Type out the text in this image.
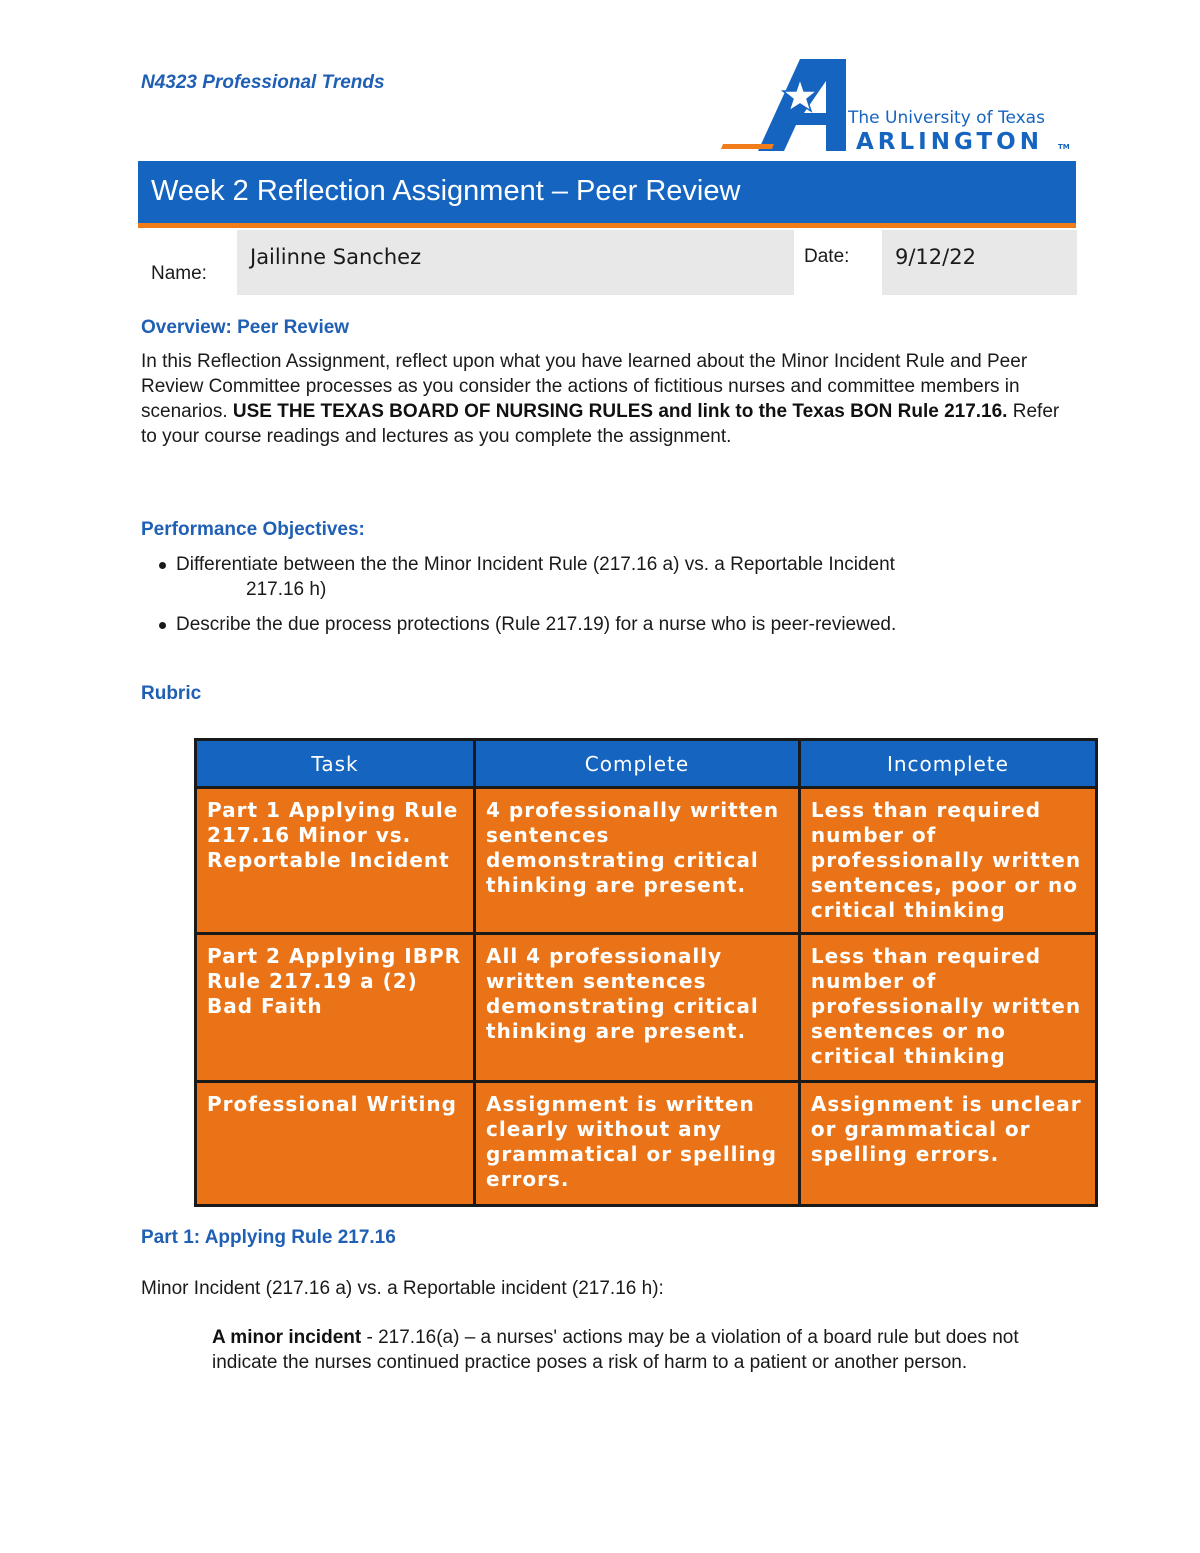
N4323 Professional Trends
The University of Texas
ARLINGTON TM
Week 2 Reflection Assignment – Peer Review
Name:
Jailinne Sanchez	Date: 9/12/22
Overview: Peer Review
In this Reflection Assignment, reflect upon what you have learned about the Minor Incident Rule and Peer Review Committee processes as you consider the actions of fictitious nurses and committee members in scenarios. USE THE TEXAS BOARD OF NURSING RULES and link to the Texas BON Rule 217.16. Refer to your course readings and lectures as you complete the assignment.
Performance Objectives:
Differentiate between the the Minor Incident Rule (217.16 a) vs. a Reportable Incident
217.16 h)
Describe the due process protections (Rule 217.19) for a nurse who is peer-reviewed.
Rubric
Task	Complete	Incomplete
Part 1 Applying Rule 217.16 Minor vs. Reportable Incident	4 professionally written sentences demonstrating critical thinking are present.	Less than required number of professionally written sentences, poor or no critical thinking
Part 2 Applying IBPR Rule 217.19 a (2) Bad Faith	All 4 professionally written sentences demonstrating critical thinking are present.	Less than required number of professionally written sentences or no critical thinking
Professional Writing	Assignment is written clearly without any grammatical or spelling errors.	Assignment is unclear or grammatical or spelling errors.
Part 1: Applying Rule 217.16
Minor Incident (217.16 a) vs. a Reportable incident (217.16 h):
A minor incident - 217.16(a) – a nurses' actions may be a violation of a board rule but does not indicate the nurses continued practice poses a risk of harm to a patient or another person.
